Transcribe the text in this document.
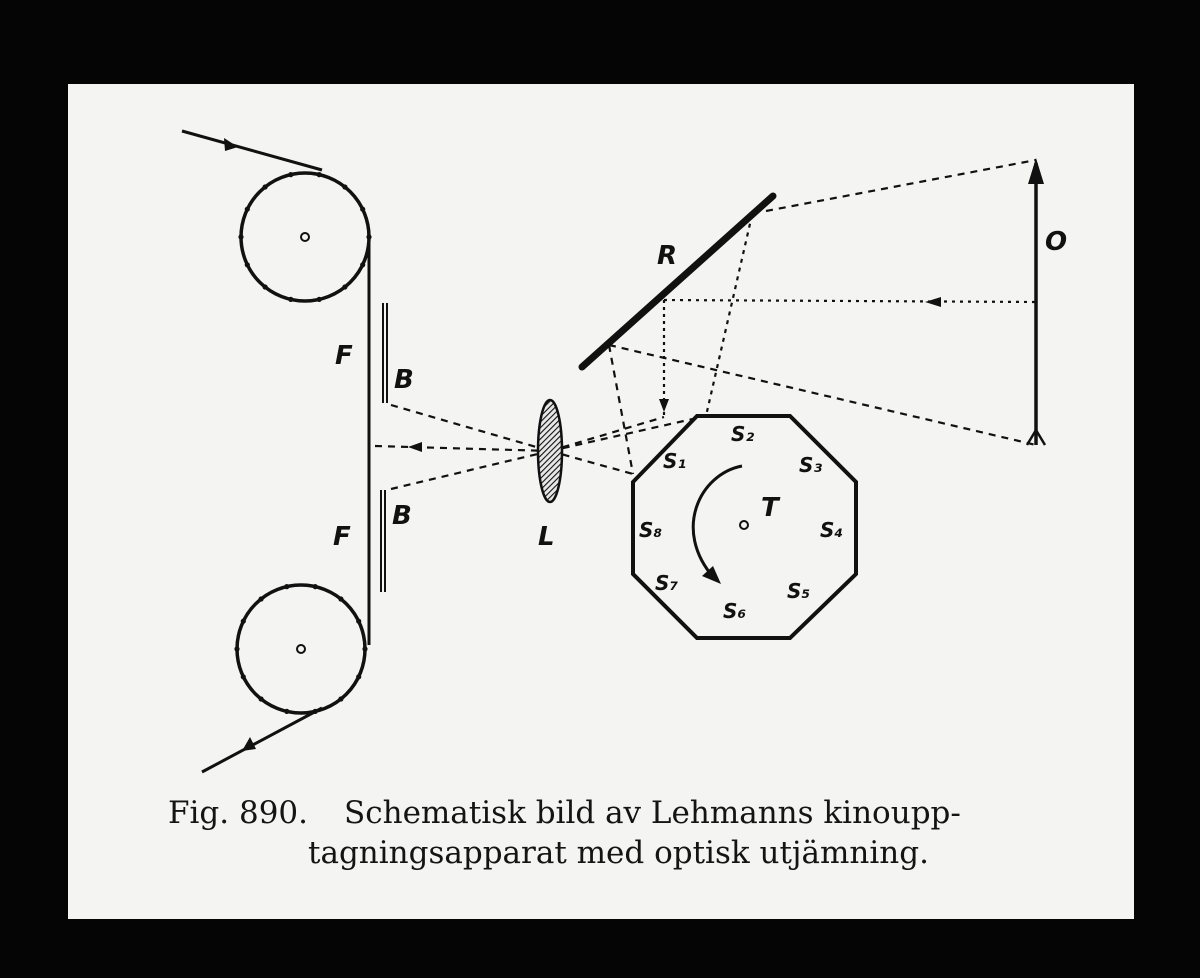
F
F
B
B
R	O
L
T
S₁
S₂
S₃
S₄
S₅
S₆
S₇
S₈
Fig. 890. Schematisk bild av Lehmanns kinoupp-
tagningsapparat med optisk utjämning.
